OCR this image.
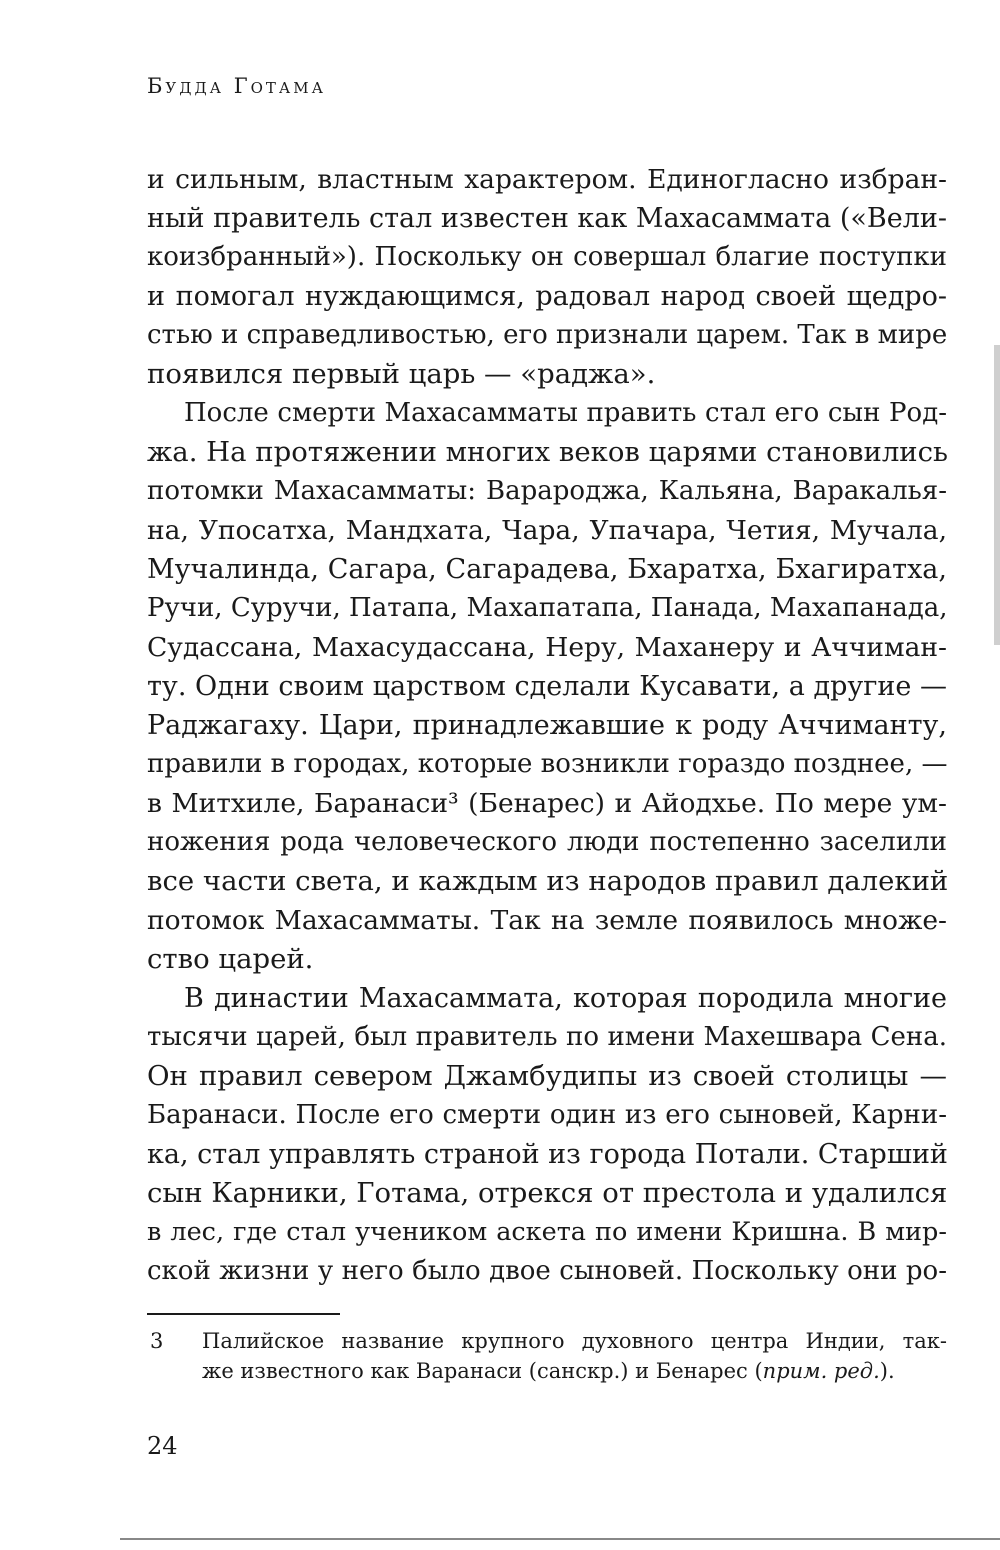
Будда Готама
и сильным, властным характером. Единогласно избран-
ный правитель стал известен как Махасаммата («Вели-
коизбранный»). Поскольку он совершал благие поступки
и помогал нуждающимся, радовал народ своей щедро-
стью и справедливостью, его признали царем. Так в мире
появился первый царь — «раджа».
После смерти Махасамматы править стал его сын Род-
жа. На протяжении многих веков царями становились
потомки Махасамматы: Варароджа, Кальяна, Варакалья-
на, Упосатха, Мандхата, Чара, Упачара, Четия, Мучала,
Мучалинда, Сагара, Сагарадева, Бхаратха, Бхагиратха,
Ручи, Суручи, Патапа, Махапатапа, Панада, Махапанада,
Судассана, Махасудассана, Неру, Маханеру и Аччиман-
ту. Одни своим царством сделали Кусавати, а другие —
Раджагаху. Цари, принадлежавшие к роду Аччиманту,
правили в городах, которые возникли гораздо позднее, —
в Митхиле, Баранаси³ (Бенарес) и Айодхье. По мере ум-
ножения рода человеческого люди постепенно заселили
все части света, и каждым из народов правил далекий
потомок Махасамматы. Так на земле появилось множе-
ство царей.
В династии Махасаммата, которая породила многие
тысячи царей, был правитель по имени Махешвара Сена.
Он правил севером Джамбудипы из своей столицы —
Баранаси. После его смерти один из его сыновей, Карни-
ка, стал управлять страной из города Потали. Старший
сын Карники, Готама, отрекся от престола и удалился
в лес, где стал учеником аскета по имени Кришна. В мир-
ской жизни у него было двое сыновей. Поскольку они ро-
3 Палийское название крупного духовного центра Индии, так-
же известного как Варанаси (санскр.) и Бенарес (прим. ред.).
24
